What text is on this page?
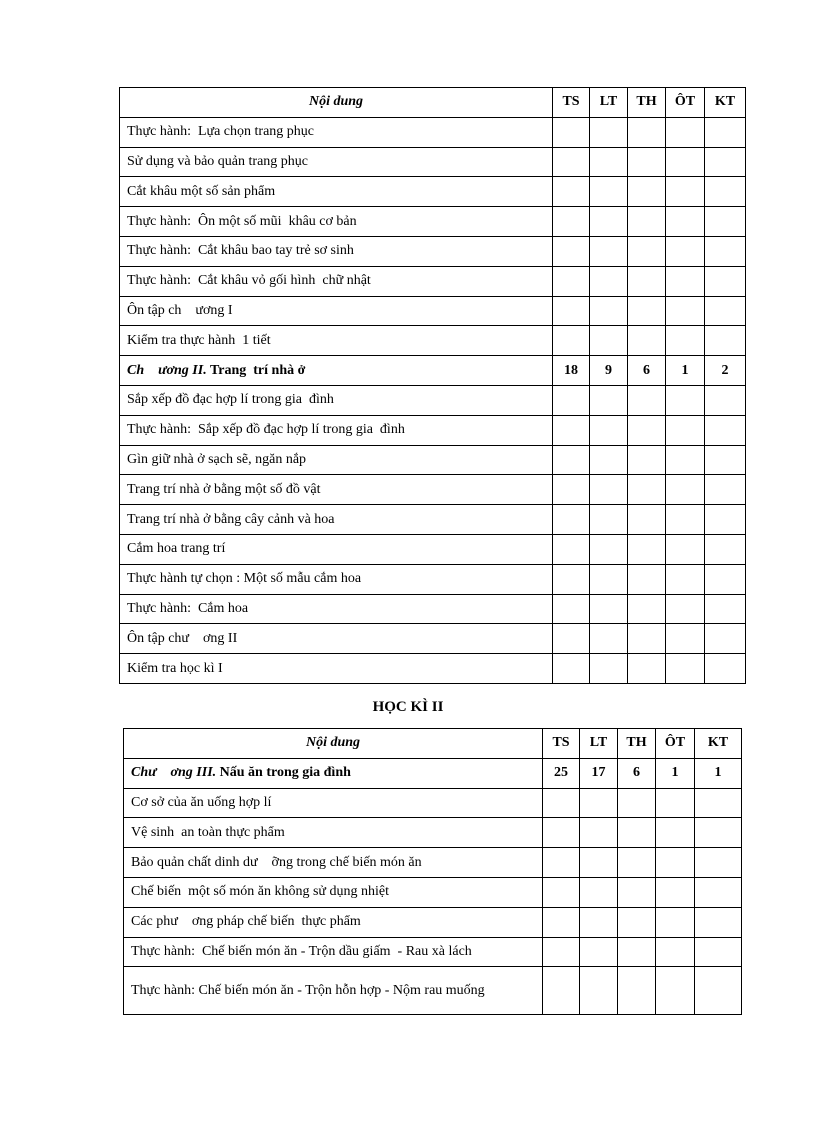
Nội dung	TS	LT	TH	ÔT	KT
Thực hành:  Lựa chọn trang phục					
Sử dụng và bảo quản trang phục					
Cắt khâu một số sản phẩm					
Thực hành:  Ôn một số mũi  khâu cơ bản					
Thực hành:  Cắt khâu bao tay trẻ sơ sinh					
Thực hành:  Cắt khâu vỏ gối hình  chữ nhật					
Ôn tập ch    ương I					
Kiểm tra thực hành  1 tiết					
Ch    ương II. Trang  trí nhà ở	18	9	6	1	2
Sắp xếp đồ đạc hợp lí trong gia  đình					
Thực hành:  Sắp xếp đồ đạc hợp lí trong gia  đình					
Gìn giữ nhà ở sạch sẽ, ngăn nắp					
Trang trí nhà ở bằng một số đồ vật					
Trang trí nhà ở bằng cây cảnh và hoa					
Cắm hoa trang trí					
Thực hành tự chọn : Một số mẫu cắm hoa					
Thực hành:  Cắm hoa					
Ôn tập chư    ơng II					
Kiểm tra học kì I					
HỌC KÌ II
Nội dung	TS	LT	TH	ÔT	KT
Chư    ơng III. Nấu ăn trong gia đình	25	17	6	1	1
Cơ sở của ăn uống hợp lí					
Vệ sinh  an toàn thực phẩm					
Bảo quản chất dinh dư    ỡng trong chế biến món ăn					
Chế biến  một số món ăn không sử dụng nhiệt					
Các phư    ơng pháp chế biến  thực phẩm					
Thực hành:  Chế biến món ăn - Trộn dầu giấm  - Rau xà lách					
Thực hành: Chế biến món ăn - Trộn hỗn hợp - Nộm rau muống					
